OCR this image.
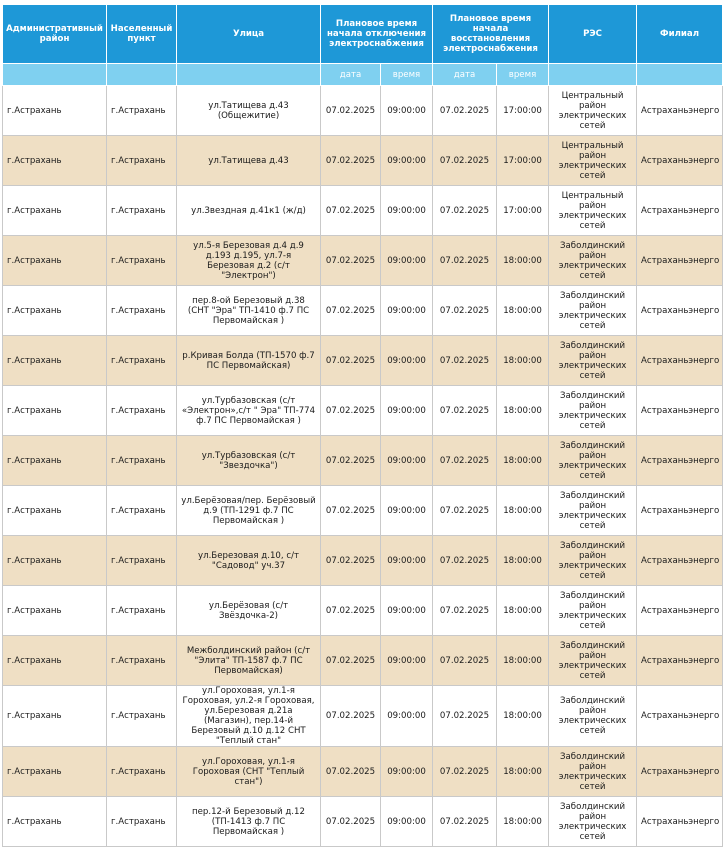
Административный район	Населенный пункт	Улица	Плановое время начала отключения электроснабжения		Плановое время начала восстановления электроснабжения		РЭС	Филиал
			дата	время	дата	время		
г.Астрахань	г.Астрахань	ул.Татищева д.43 (Общежитие)	07.02.2025	09:00:00	07.02.2025	17:00:00	Центральный район электрических сетей	Астраханьэнерго
г.Астрахань	г.Астрахань	ул.Татищева д.43	07.02.2025	09:00:00	07.02.2025	17:00:00	Центральный район электрических сетей	Астраханьэнерго
г.Астрахань	г.Астрахань	ул.Звездная д.41к1 (ж/д)	07.02.2025	09:00:00	07.02.2025	17:00:00	Центральный район электрических сетей	Астраханьэнерго
г.Астрахань	г.Астрахань	ул.5-я Березовая д.4 д.9 д.193 д.195, ул.7-я Березовая д.2 (с/т "Электрон")	07.02.2025	09:00:00	07.02.2025	18:00:00	Заболдинский район электрических сетей	Астраханьэнерго
г.Астрахань	г.Астрахань	пер.8-ой Березовый д.38 (СНТ "Эра" ТП-1410 ф.7 ПС Первомайская )	07.02.2025	09:00:00	07.02.2025	18:00:00	Заболдинский район электрических сетей	Астраханьэнерго
г.Астрахань	г.Астрахань	р.Кривая Болда (ТП-1570 ф.7 ПС Первомайская)	07.02.2025	09:00:00	07.02.2025	18:00:00	Заболдинский район электрических сетей	Астраханьэнерго
г.Астрахань	г.Астрахань	ул.Турбазовская (с/т «Электрон»,с/т " Эра" ТП-774 ф.7 ПС Первомайская )	07.02.2025	09:00:00	07.02.2025	18:00:00	Заболдинский район электрических сетей	Астраханьэнерго
г.Астрахань	г.Астрахань	ул.Турбазовская (с/т "Звездочка")	07.02.2025	09:00:00	07.02.2025	18:00:00	Заболдинский район электрических сетей	Астраханьэнерго
г.Астрахань	г.Астрахань	ул.Берёзовая/пер. Берёзовый д.9 (ТП-1291 ф.7 ПС Первомайская )	07.02.2025	09:00:00	07.02.2025	18:00:00	Заболдинский район электрических сетей	Астраханьэнерго
г.Астрахань	г.Астрахань	ул.Березовая д.10, с/т "Садовод" уч.37	07.02.2025	09:00:00	07.02.2025	18:00:00	Заболдинский район электрических сетей	Астраханьэнерго
г.Астрахань	г.Астрахань	ул.Берёзовая (с/т Звёздочка-2)	07.02.2025	09:00:00	07.02.2025	18:00:00	Заболдинский район электрических сетей	Астраханьэнерго
г.Астрахань	г.Астрахань	Межболдинский район (с/т "Элита" ТП-1587 ф.7 ПС Первомайская)	07.02.2025	09:00:00	07.02.2025	18:00:00	Заболдинский район электрических сетей	Астраханьэнерго
г.Астрахань	г.Астрахань	ул.Гороховая, ул.1-я Гороховая, ул.2-я Гороховая, ул.Березовая д.21а (Магазин), пер.14-й Березовый д.10 д.12 СНТ "Теплый стан"	07.02.2025	09:00:00	07.02.2025	18:00:00	Заболдинский район электрических сетей	Астраханьэнерго
г.Астрахань	г.Астрахань	ул.Гороховая, ул.1-я Гороховая (СНТ "Теплый стан")	07.02.2025	09:00:00	07.02.2025	18:00:00	Заболдинский район электрических сетей	Астраханьэнерго
г.Астрахань	г.Астрахань	пер.12-й Березовый д.12 (ТП-1413 ф.7 ПС Первомайская )	07.02.2025	09:00:00	07.02.2025	18:00:00	Заболдинский район электрических сетей	Астраханьэнерго
